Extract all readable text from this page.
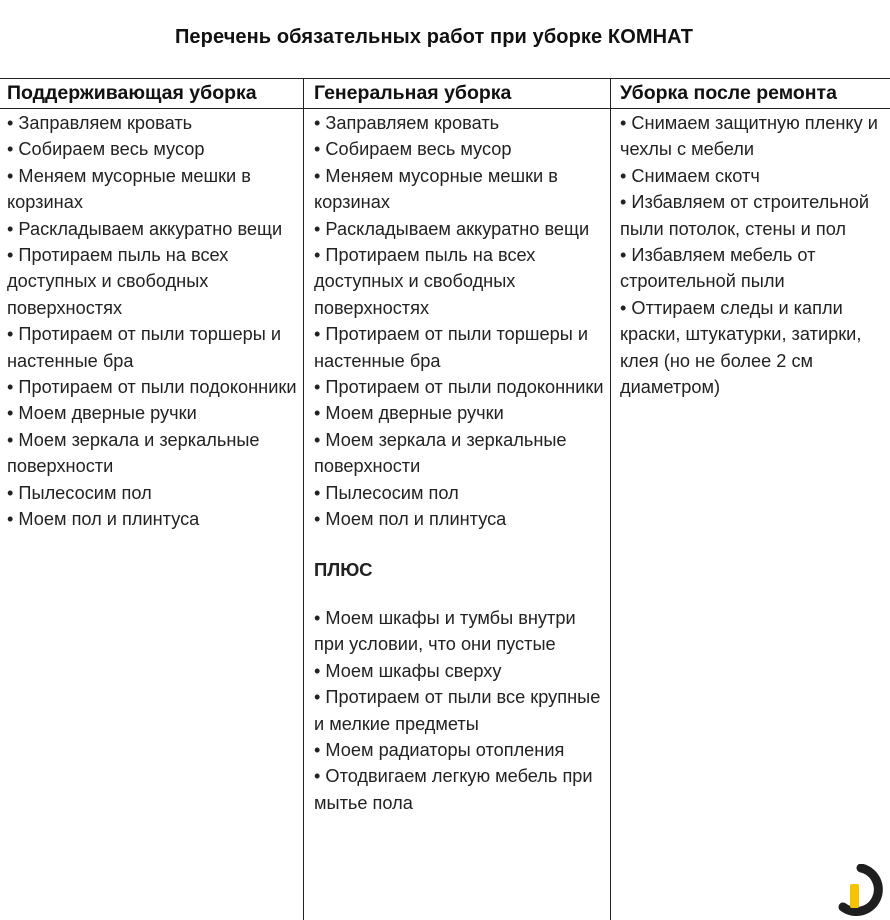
Перечень обязательных работ при уборке КОМНАТ
Поддерживающая уборка	Генеральная уборка	Уборка после ремонта
• Заправляем кровать
• Собираем весь мусор
• Меняем мусорные мешки в корзинах
• Раскладываем аккуратно вещи
• Протираем пыль на всех доступных и свободных поверхностях
• Протираем от пыли торшеры и настенные бра
• Протираем от пыли подоконники
• Моем дверные ручки
• Моем зеркала и зеркальные поверхности
• Пылесосим пол
• Моем пол и плинтуса
• Заправляем кровать
• Собираем весь мусор
• Меняем мусорные мешки в корзинах
• Раскладываем аккуратно вещи
• Протираем пыль на всех доступных и свободных поверхностях
• Протираем от пыли торшеры и настенные бра
• Протираем от пыли подоконники
• Моем дверные ручки
• Моем зеркала и зеркальные поверхности
• Пылесосим пол
• Моем пол и плинтуса
ПЛЮС
• Моем шкафы и тумбы внутри при условии, что они пустые
• Моем шкафы сверху
• Протираем от пыли все крупные и мелкие предметы
• Моем радиаторы отопления
• Отодвигаем легкую мебель при мытье пола
• Снимаем защитную пленку и чехлы с мебели
• Снимаем скотч
• Избавляем от строительной пыли потолок, стены и пол
• Избавляем мебель от строительной пыли
• Оттираем следы и капли краски, штукатурки, затирки, клея (но не более 2 см диаметром)
